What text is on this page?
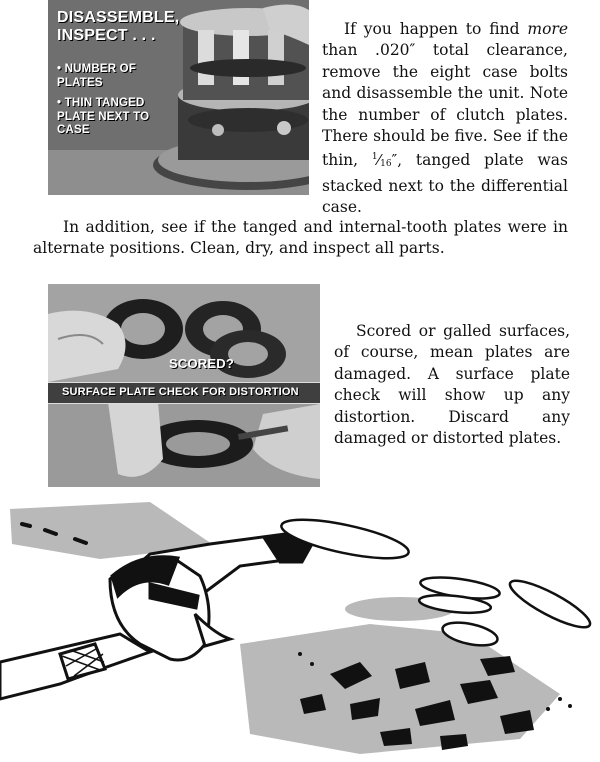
DISASSEMBLE, INSPECT . . .
• NUMBER OF PLATES
• THIN TANGED PLATE NEXT TO CASE
If you happen to find more than .020″ total clearance, remove the eight case bolts and disassemble the unit. Note the number of clutch plates. There should be five. See if the thin, $^1⁄_{16}''$, tanged plate was stacked next to the differential case.
In addition, see if the tanged and internal-tooth plates were in alternate positions. Clean, dry, and inspect all parts.
SCORED?
SURFACE PLATE CHECK FOR DISTORTION
Scored or galled surfaces, of course, mean plates are damaged. A surface plate check will show up any distortion. Discard any damaged or distorted plates.
